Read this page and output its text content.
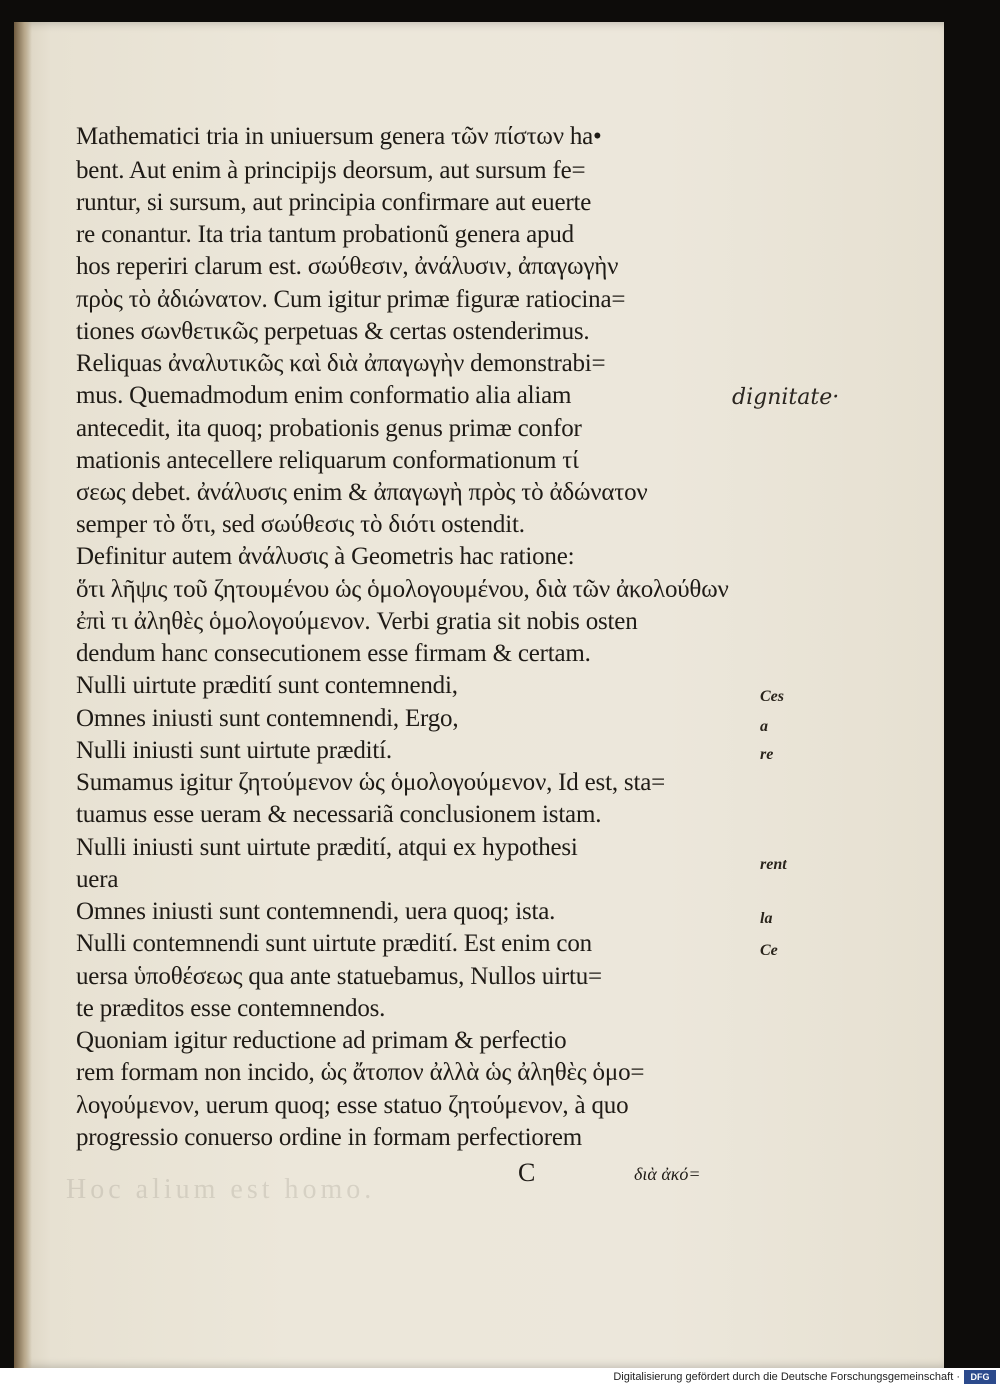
Hoc alium est homo.
Mathematici tria in uniuersum genera τῶν πίστων ha•
bent. Aut enim à principijs deorsum, aut sursum fe=
runtur, si sursum, aut principia confirmare aut euerte
re conantur. Ita tria tantum probationũ genera apud
hos reperiri clarum est. σωύθεσιν, ἀνάλυσιν, ἀπαγωγὴν
πρὸς τὸ ἀδιώνατον. Cum igitur primæ figuræ ratiocina=
tiones σωνθετικῶς perpetuas & certas ostenderimus.
Reliquas ἀναλυτικῶς καὶ διὰ ἀπαγωγὴν demonstrabi=
mus. Quemadmodum enim conformatio alia aliam
antecedit, ita quoq; probationis genus primæ confor
mationis antecellere reliquarum conformationum τί
σεως debet. ἀνάλυσις enim & ἀπαγωγὴ πρὸς τὸ ἀδώνατον
semper τὸ ὅτι, sed σωύθεσις τὸ διότι ostendit.
Definitur autem ἀνάλυσις à Geometris hac ratione:
ὅτι λῆψις τοῦ ζητουμένου ὡς ὁμολογουμένου, διὰ τῶν ἀκολούθων
ἐπὶ τι ἀληθὲς ὁμολογούμενον. Verbi gratia sit nobis osten
dendum hanc consecutionem esse firmam & certam.
Nulli uirtute prædití sunt contemnendi,
Omnes iniusti sunt contemnendi, Ergo,
Nulli iniusti sunt uirtute prædití.
Sumamus igitur ζητούμενον ὡς ὁμολογούμενον, Id est, sta=
tuamus esse ueram & necessariã conclusionem istam.
Nulli iniusti sunt uirtute prædití, atqui ex hypothesi
uera
Omnes iniusti sunt contemnendi, uera quoq; ista.
Nulli contemnendi sunt uirtute prædití. Est enim con
uersa ὑποθέσεως qua ante statuebamus, Nullos uirtu=
te præditos esse contemnendos.
Quoniam igitur reductione ad primam & perfectio
rem formam non incido, ὡς ἄτοπον ἀλλὰ ὡς ἀληθὲς ὁμο=
λογούμενον, uerum quoq; esse statuo ζητούμενον, à quo
progressio conuerso ordine in formam perfectiorem
dignitate·
Ces
a
re
rent
la
Ce
C	διὰ ἀκό=
Digitalisierung gefördert durch die Deutsche Forschungsgemeinschaft ·	DFG
